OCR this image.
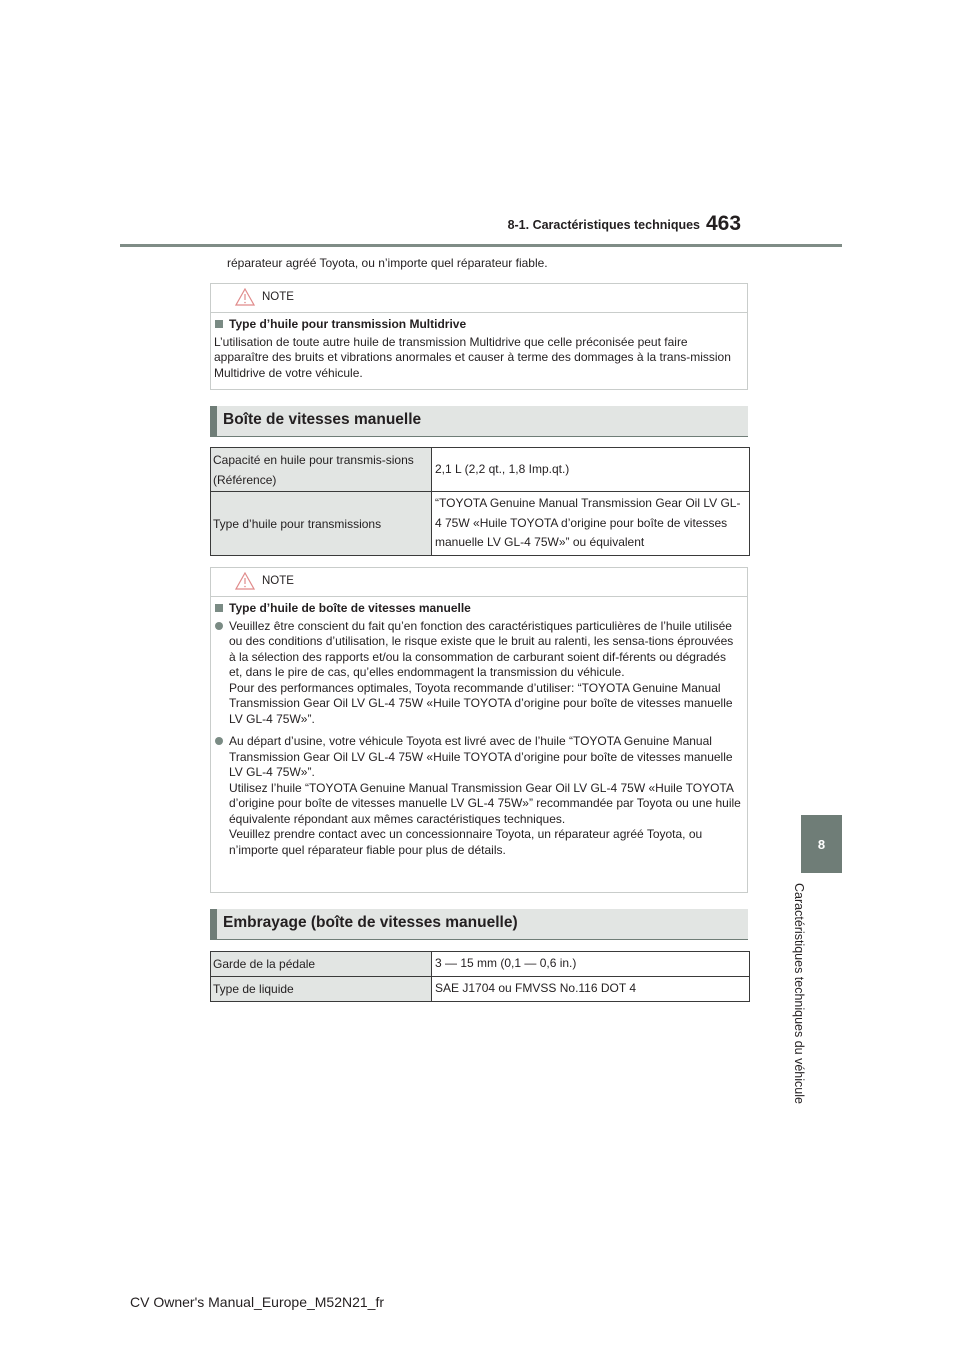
8-1. Caractéristiques techniques 463
8
Caractéristiques techniques du véhicule
réparateur agréé Toyota, ou n’importe quel réparateur fiable.
NOTE
Type d’huile pour transmission Multidrive

L’utilisation de toute autre huile de transmission Multidrive que celle préconisée peut faire apparaître des bruits et vibrations anormales et causer à terme des dommages à la trans-mission Multidrive de votre véhicule.

Boîte de vitesses manuelle
Capacité en huile pour transmis-sions (Référence)	2,1 L (2,2 qt., 1,8 Imp.qt.)
Type d’huile pour transmissions	“TOYOTA Genuine Manual Transmission Gear Oil LV GL-4 75W «Huile TOYOTA d’origine pour boîte de vitesses manuelle LV GL-4 75W»” ou équivalent
NOTE
Type d’huile de boîte de vitesses manuelle

Veuillez être conscient du fait qu’en fonction des caractéristiques particulières de l’huile utilisée ou des conditions d’utilisation, le risque existe que le bruit au ralenti, les sensa-tions éprouvées à la sélection des rapports et/ou la consommation de carburant soient dif-férents ou dégradés et, dans le pire de cas, qu’elles endommagent la transmission du véhicule.

Pour des performances optimales, Toyota recommande d’utiliser: “TOYOTA Genuine Manual Transmission Gear Oil LV GL-4 75W «Huile TOYOTA d’origine pour boîte de vitesses manuelle LV GL-4 75W»”.

Au départ d’usine, votre véhicule Toyota est livré avec de l’huile “TOYOTA Genuine Manual Transmission Gear Oil LV GL-4 75W «Huile TOYOTA d’origine pour boîte de vitesses manuelle LV GL-4 75W»”.

Utilisez l’huile “TOYOTA Genuine Manual Transmission Gear Oil LV GL-4 75W «Huile TOYOTA d’origine pour boîte de vitesses manuelle LV GL-4 75W»” recommandée par Toyota ou une huile équivalente répondant aux mêmes caractéristiques techniques.

Veuillez prendre contact avec un concessionnaire Toyota, un réparateur agréé Toyota, ou n’importe quel réparateur fiable pour plus de détails.

Embrayage (boîte de vitesses manuelle)
Garde de la pédale	3 — 15 mm (0,1 — 0,6 in.)
Type de liquide	SAE J1704 ou FMVSS No.116 DOT 4
CV Owner's Manual_Europe_M52N21_fr
